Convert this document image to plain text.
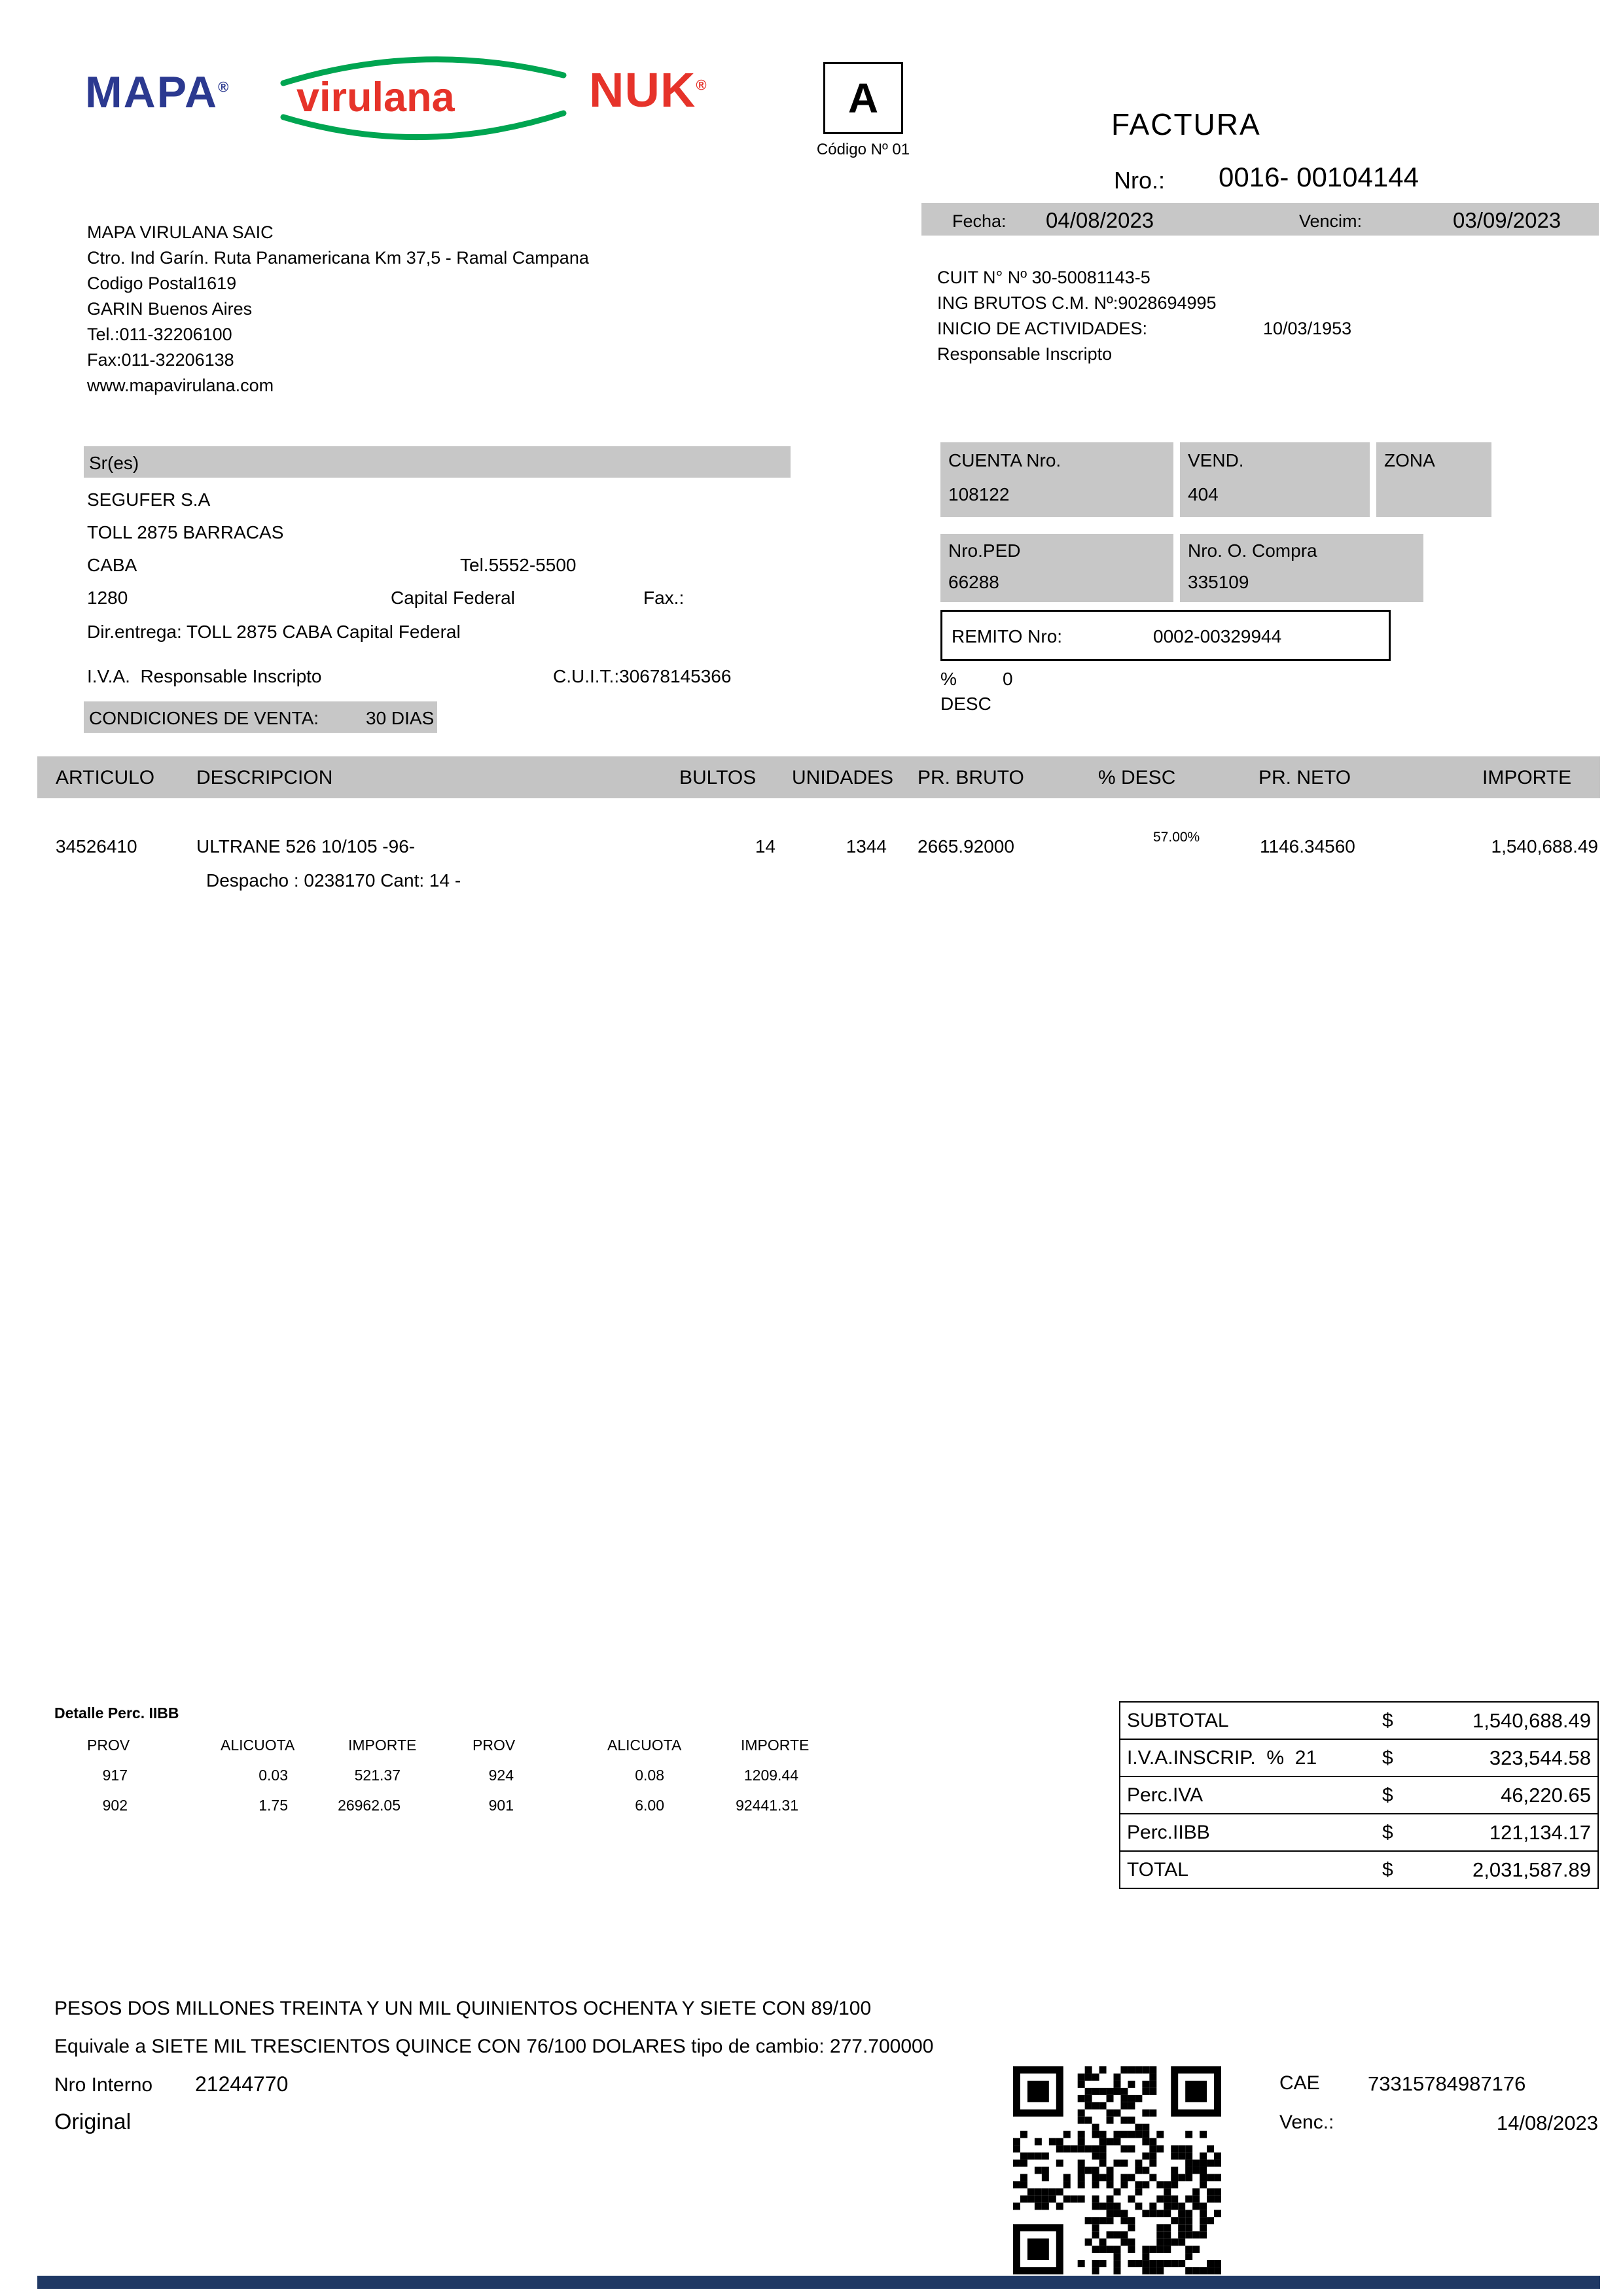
MAPA® virulana	NUK®	A
Código Nº 01
FACTURA
Nro.: 0016- 00104144
Fecha: 04/08/2023	Vencim:	03/09/2023
MAPA VIRULANA SAIC
Ctro. Ind Garín. Ruta Panamericana Km 37,5 - Ramal Campana
Codigo Postal1619
GARIN Buenos Aires
Tel.:011-32206100
Fax:011-32206138
www.mapavirulana.com
CUIT N° Nº 30-50081143-5
ING BRUTOS C.M. Nº:9028694995
INICIO DE ACTIVIDADES:	10/03/1953
Responsable Inscripto
Sr(es)
SEGUFER S.A
TOLL 2875 BARRACAS
CABA	Tel.5552-5500
1280	Capital Federal	Fax.:
Dir.entrega: TOLL 2875 CABA Capital Federal
I.V.A.  Responsable Inscripto	C.U.I.T.:30678145366
CONDICIONES DE VENTA:	30 DIAS
CUENTA Nro.
108122
VEND.
404
ZONA
Nro.PED
66288
Nro. O. Compra
335109
REMITO Nro:	0002-00329944
%	0
DESC
ARTICULO DESCRIPCION	BULTOS UNIDADES PR. BRUTO	% DESC	PR. NETO	IMPORTE
34526410	ULTRANE 526 10/105 -96-	14	1344 2665.92000	57.00%	1146.34560	1,540,688.49
Despacho : 0238170 Cant: 14 -
Detalle Perc. IIBB
PROV	ALICUOTA	IMPORTE	PROV	ALICUOTA	IMPORTE
917	0.03	521.37	924	0.08	1209.44
902	1.75	26962.05	901	6.00	92441.31
SUBTOTAL	$	1,540,688.49
I.V.A.INSCRIP.  %  21	$	323,544.58
Perc.IVA	$	46,220.65
Perc.IIBB	$	121,134.17
TOTAL	$	2,031,587.89
PESOS DOS MILLONES TREINTA Y UN MIL QUINIENTOS OCHENTA Y SIETE CON 89/100
Equivale a SIETE MIL TRESCIENTOS QUINCE CON 76/100 DOLARES tipo de cambio: 277.700000
Nro Interno 21244770
Original
CAE 73315784987176
Venc.:	14/08/2023
